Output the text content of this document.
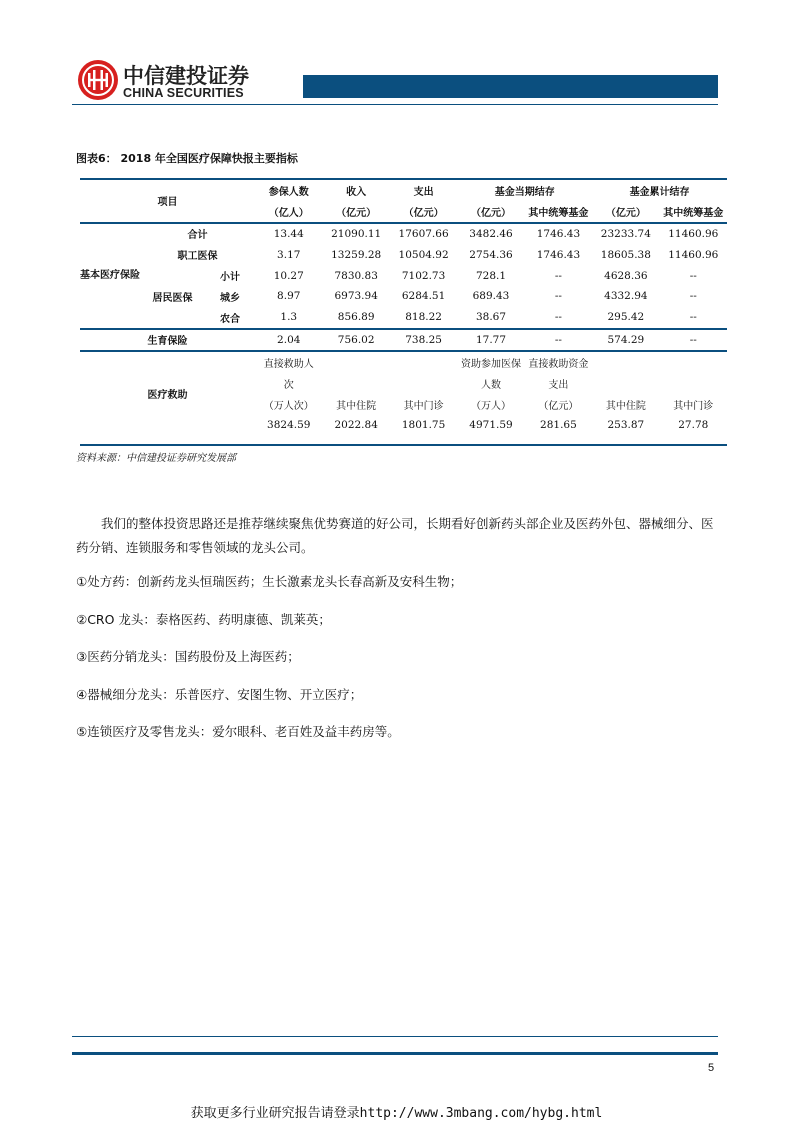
中信建投证券
CHINA SECURITIES
图表6： 2018 年全国医疗保障快报主要指标
项目			参保人数	收入	支出	基金当期结存		基金累计结存	
			（亿人）	（亿元）	（亿元）	（亿元）	其中统筹基金	（亿元）	其中统筹基金
基本医疗保险	合计		13.44	21090.11	17607.66	3482.46	1746.43	23233.74	11460.96
	职工医保		3.17	13259.28	10504.92	2754.36	1746.43	18605.38	11460.96
	居民医保	小计	10.27	7830.83	7102.73	728.1	--	4628.36	--
		城乡	8.97	6973.94	6284.51	689.43	--	4332.94	--
		农合	1.3	856.89	818.22	38.67	--	295.42	--
生育保险			2.04	756.02	738.25	17.77	--	574.29	--
医疗救助			直接救助人			资助参加医保	直接救助资金		
			次			人数	支出		
			（万人次）	其中住院	其中门诊	（万人）	（亿元）	其中住院	其中门诊
			3824.59	2022.84	1801.75	4971.59	281.65	253.87	27.78

资料来源：中信建投证券研究发展部
我们的整体投资思路还是推荐继续聚焦优势赛道的好公司，长期看好创新药头部企业及医药外包、器械细分、医药分销、连锁服务和零售领域的龙头公司。
①处方药：创新药龙头恒瑞医药；生长激素龙头长春高新及安科生物；
②CRO 龙头：泰格医药、药明康德、凯莱英；
③医药分销龙头：国药股份及上海医药；
④器械细分龙头：乐普医疗、安图生物、开立医疗；
⑤连锁医疗及零售龙头：爱尔眼科、老百姓及益丰药房等。
5
获取更多行业研究报告请登录http://www.3mbang.com/hybg.html
